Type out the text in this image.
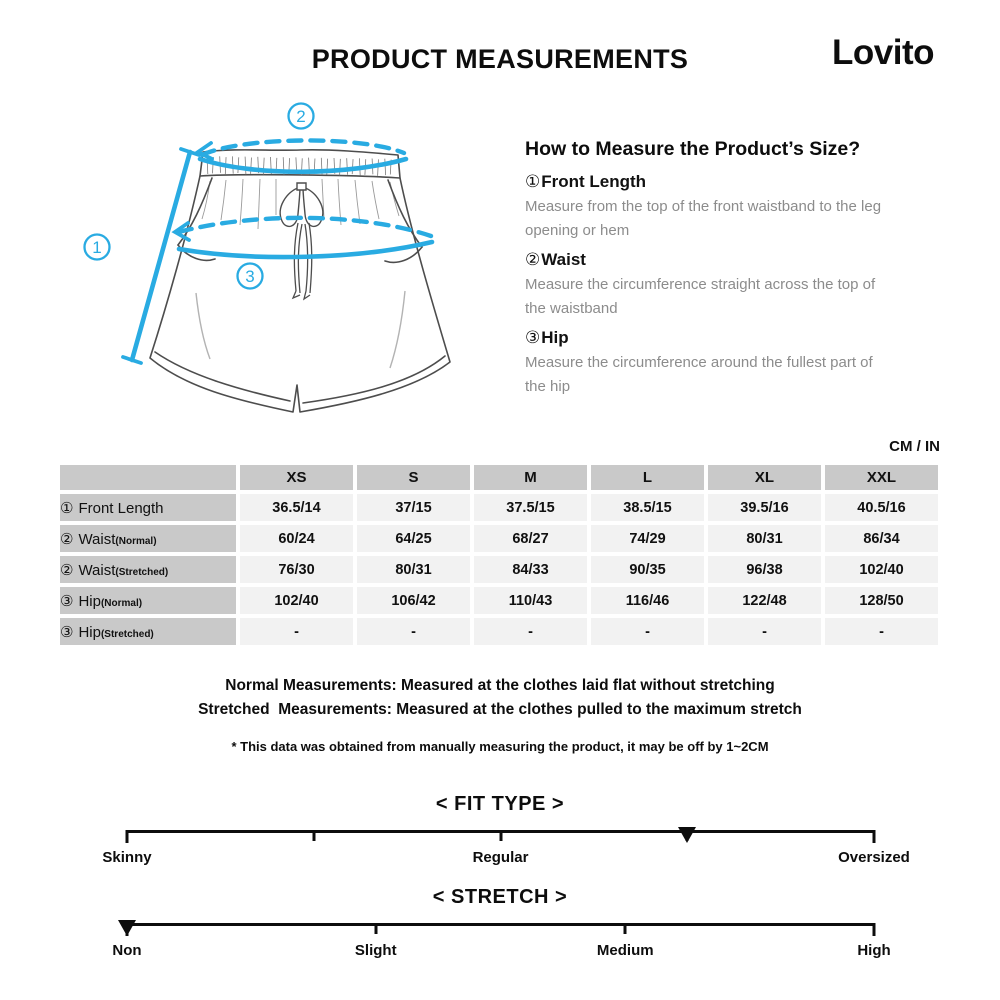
PRODUCT MEASUREMENTS	Lovito
1
2
3
How to Measure the Product’s Size?
①Front Length

Measure from the top of the front waistband to the leg opening or hem

②Waist

Measure the circumference straight across the top of the waistband

③Hip

Measure the circumference around the fullest part of the hip

CM / IN
	XS	S	M	L	XL	XXL
① Front Length	36.5/14	37/15	37.5/15	38.5/15	39.5/16	40.5/16
② Waist(Normal)	60/24	64/25	68/27	74/29	80/31	86/34
② Waist(Stretched)	76/30	80/31	84/33	90/35	96/38	102/40
③ Hip(Normal)	102/40	106/42	110/43	116/46	122/48	128/50
③ Hip(Stretched)	-	-	-	-	-	-

Normal Measurements: Measured at the clothes laid flat without stretching

Stretched  Measurements: Measured at the clothes pulled to the maximum stretch

* This data was obtained from manually measuring the product, it may be off by 1~2CM

< FIT TYPE >
Skinny	Regular	Oversized
< STRETCH >
Non	Slight	Medium	High
